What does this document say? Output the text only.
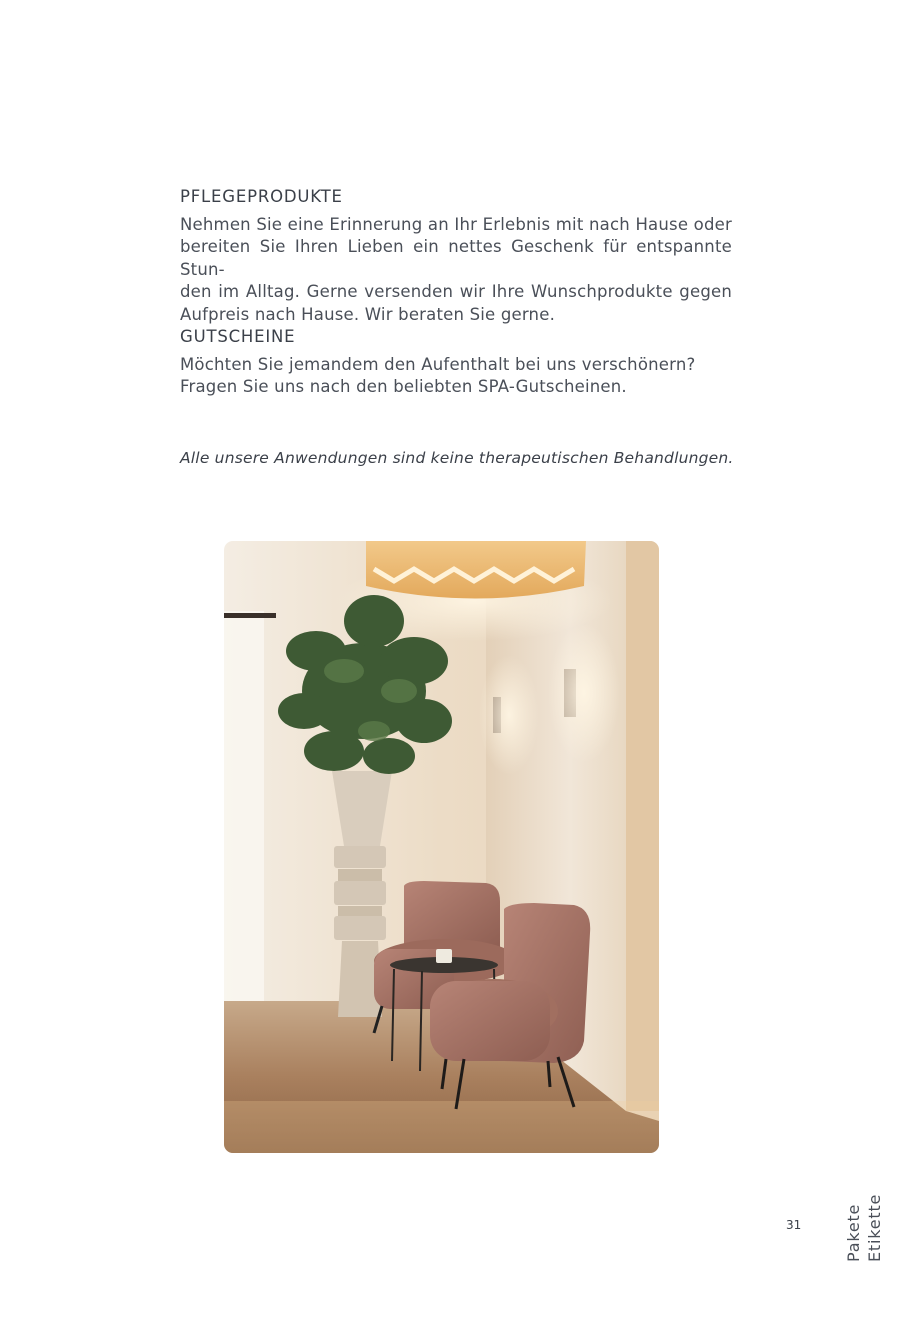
PFLEGEPRODUKTE

Nehmen Sie eine Erinnerung an Ihr Erlebnis mit nach Hause oder
bereiten Sie Ihren Lieben ein nettes Geschenk für entspannte Stun-
den im Alltag. Gerne versenden wir Ihre Wunschprodukte gegen
Aufpreis nach Hause. Wir beraten Sie gerne.

GUTSCHEINE

Möchten Sie jemandem den Aufenthalt bei uns verschönern?
Fragen Sie uns nach den beliebten SPA-Gutscheinen.

Alle unsere Anwendungen sind keine therapeutischen Behandlungen.
31	Pakete Etikette
